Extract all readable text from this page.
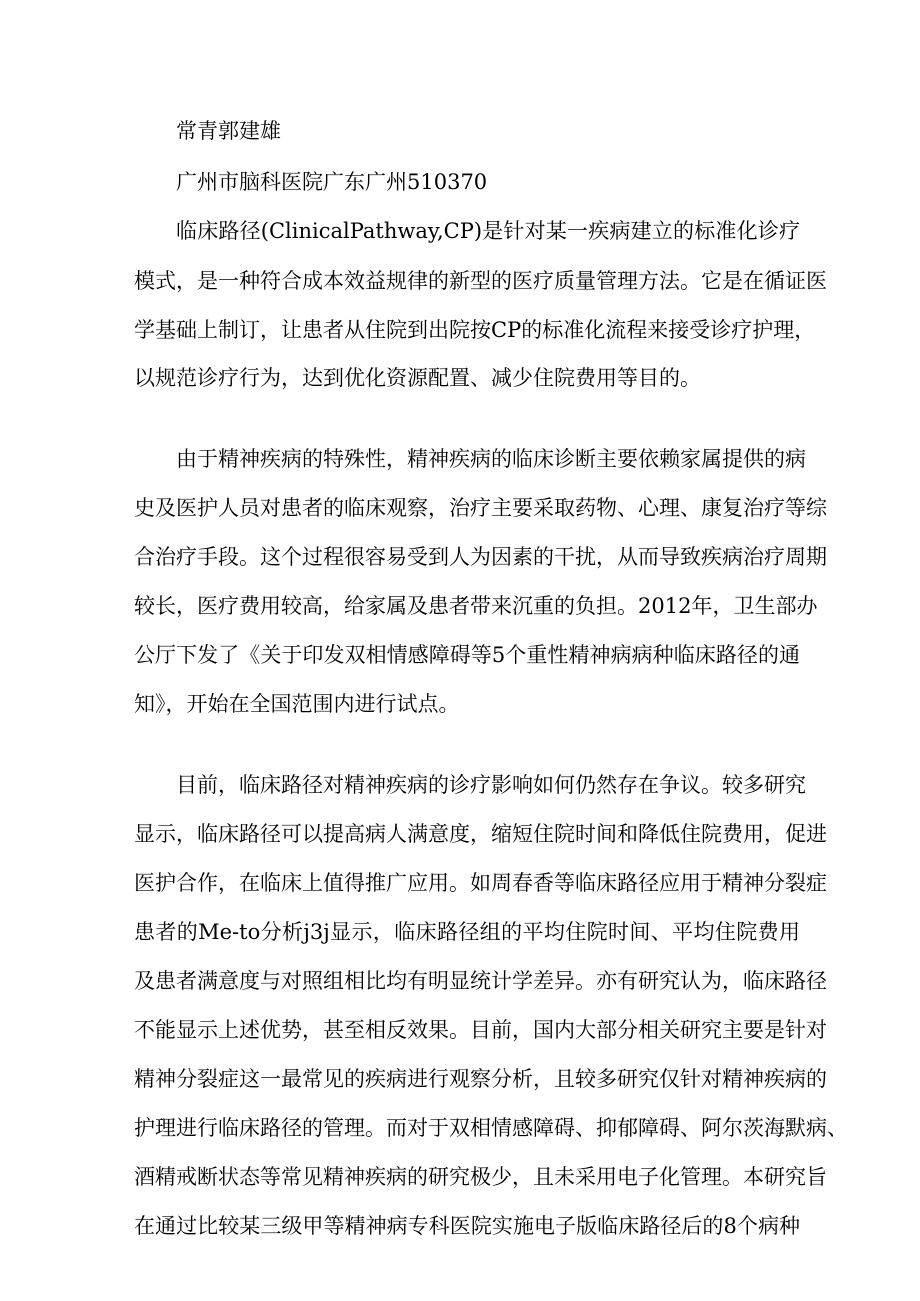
常青郭建雄
广州市脑科医院广东广州510370
临床路径(ClinicalPathway,CP)是针对某一疾病建立的标准化诊疗
模式，是一种符合成本效益规律的新型的医疗质量管理方法。它是在循证医
学基础上制订，让患者从住院到出院按CP的标准化流程来接受诊疗护理，
以规范诊疗行为，达到优化资源配置、减少住院费用等目的。
由于精神疾病的特殊性，精神疾病的临床诊断主要依赖家属提供的病
史及医护人员对患者的临床观察，治疗主要采取药物、心理、康复治疗等综
合治疗手段。这个过程很容易受到人为因素的干扰，从而导致疾病治疗周期
较长，医疗费用较高，给家属及患者带来沉重的负担。2012年，卫生部办
公厅下发了《关于印发双相情感障碍等5个重性精神病病种临床路径的通
知》，开始在全国范围内进行试点。
目前，临床路径对精神疾病的诊疗影响如何仍然存在争议。较多研究
显示，临床路径可以提高病人满意度，缩短住院时间和降低住院费用，促进
医护合作，在临床上值得推广应用。如周春香等临床路径应用于精神分裂症
患者的Me-to分析j3j显示，临床路径组的平均住院时间、平均住院费用
及患者满意度与对照组相比均有明显统计学差异。亦有研究认为，临床路径
不能显示上述优势，甚至相反效果。目前，国内大部分相关研究主要是针对
精神分裂症这一最常见的疾病进行观察分析，且较多研究仅针对精神疾病的
护理进行临床路径的管理。而对于双相情感障碍、抑郁障碍、阿尔茨海默病、
酒精戒断状态等常见精神疾病的研究极少，且未采用电子化管理。本研究旨
在通过比较某三级甲等精神病专科医院实施电子版临床路径后的8个病种
